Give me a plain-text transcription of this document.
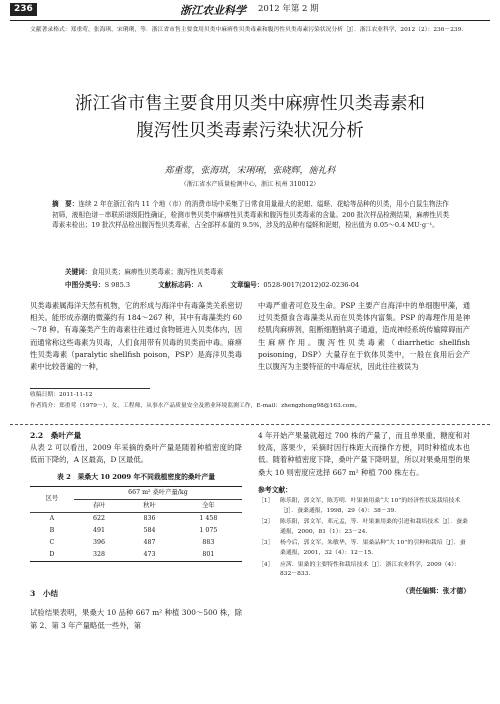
236	浙江农业科学 2012 年第 2 期
文献著录格式：郑重莺，张海琪，宋琍琍，等．浙江省市售主要食用贝类中麻痹性贝类毒素和腹泻性贝类毒素污染状况分析［J］．浙江农业科学，2012（2）：236－239.
浙江省市售主要食用贝类中麻痹性贝类毒素和
腹泻性贝类毒素污染状况分析
郑重莺，张海琪，宋琍琍，张晓辉，施礼科
（浙江省水产质量检测中心，浙江 杭州 310012）
摘　要：连续 2 年在浙江省内 11 个地（市）的消费市场中采集了日常食用量最大的泥蚶、缢蛏、花蛤等品种的贝类，用小白鼠生物法作初筛，液相色谱－串联质谱级阳性确证，检测市售贝类中麻痹性贝类毒素和腹泻性贝类毒素的含量。200 批次样品检测结果，麻痹性贝类毒素未检出；19 批次样品检出腹泻性贝类毒素，占全部样本量的 9.5%，涉及的品种有缢蛏和泥蚶，检出值为 0.05～0.4 MU·g⁻¹。
关键词：食用贝类；麻痹性贝类毒素；腹泻性贝类毒素
中图分类号：S 985.3	文献标志码：A	文章编号：0528-9017(2012)02-0236-04
贝类毒素属海洋天然有机物，它的形成与海洋中有毒藻类关系密切相关。能形成赤潮的微藻约有 184～267 种，其中有毒藻类约 60～78 种。有毒藻类产生的毒素往往通过食物链进入贝类体内，因而通常称这些毒素为贝毒，人们食用带有贝毒的贝类而中毒。麻痹性贝类毒素（paralytic shellfish poison，PSP）是海洋贝类毒素中比较普遍的一种，
中毒严重者可危及生命。PSP 主要产自海洋中的单细胞甲藻，通过贝类摄食含毒藻类从而在贝类体内富集。PSP 的毒理作用是神经肌肉麻痹剂，阻断细胞钠离子通道，造成神经系统传输障碍而产生麻痹作用。腹泻性贝类毒素（diarrhetic shellfish poisoning，DSP）大量存在于软体贝类中，一般在食用后会产生以腹泻为主要特征的中毒症状，因此往往被误为
收稿日期：2011-11-12
作者简介：郑重莺（1979－），女，工程师，从事水产品质量安全及渔业环境监测工作，E-mail：zhengzhong98@163.com。
2.2　桑叶产量
从表 2 可以看出，2009 年采摘的桑叶产量是随着种植密度的降低而下降的，A 区最高，D 区最低。
表 2　果桑大 10 2009 年不同栽植密度的桑叶产量
区号	667 m² 桑叶产量/kg		
	春叶	秋叶	全年
A	622	836	1 458
B	491	584	1 075
C	396	487	883
D	328	473	801
3　小结
试验结果表明，果桑大 10 品种 667 m² 种植 300～500 株，除第 2、第 3 年产量略低一些外，第
4 年开始产果量就超过 700 株的产量了，而且单果重、糖度和对较高，落果少，采摘时因行株距大而操作方便，同时种植成本也低。随着种植密度下降，桑叶产量下降明显，所以对果桑用型的果桑大 10 则密度应选择 667 m² 种植 700 株左右。
参考文献：
［1］	陈乐阳，郭文军，陈芳明．叶果兼用桑“大 10”的经济性状及栽培技术［J］．蚕桑通报，1998，29（4）：38－39.
［2］	陈乐阳，郭文军，邓元孟，等．叶果兼用桑的引进和栽培技术［J］．蚕桑通报，2000，81（1）：23－24.
［3］	杨今后，郭文军，朱敏华，等．果桑品种“大 10”的引种和栽培［J］．蚕桑通报，2001，32（4）：12－15.
［4］	应茜．果桑的主要特性和栽培技术［J］．浙江农业科学，2009（4）：832－833.
（责任编辑：张才德）
